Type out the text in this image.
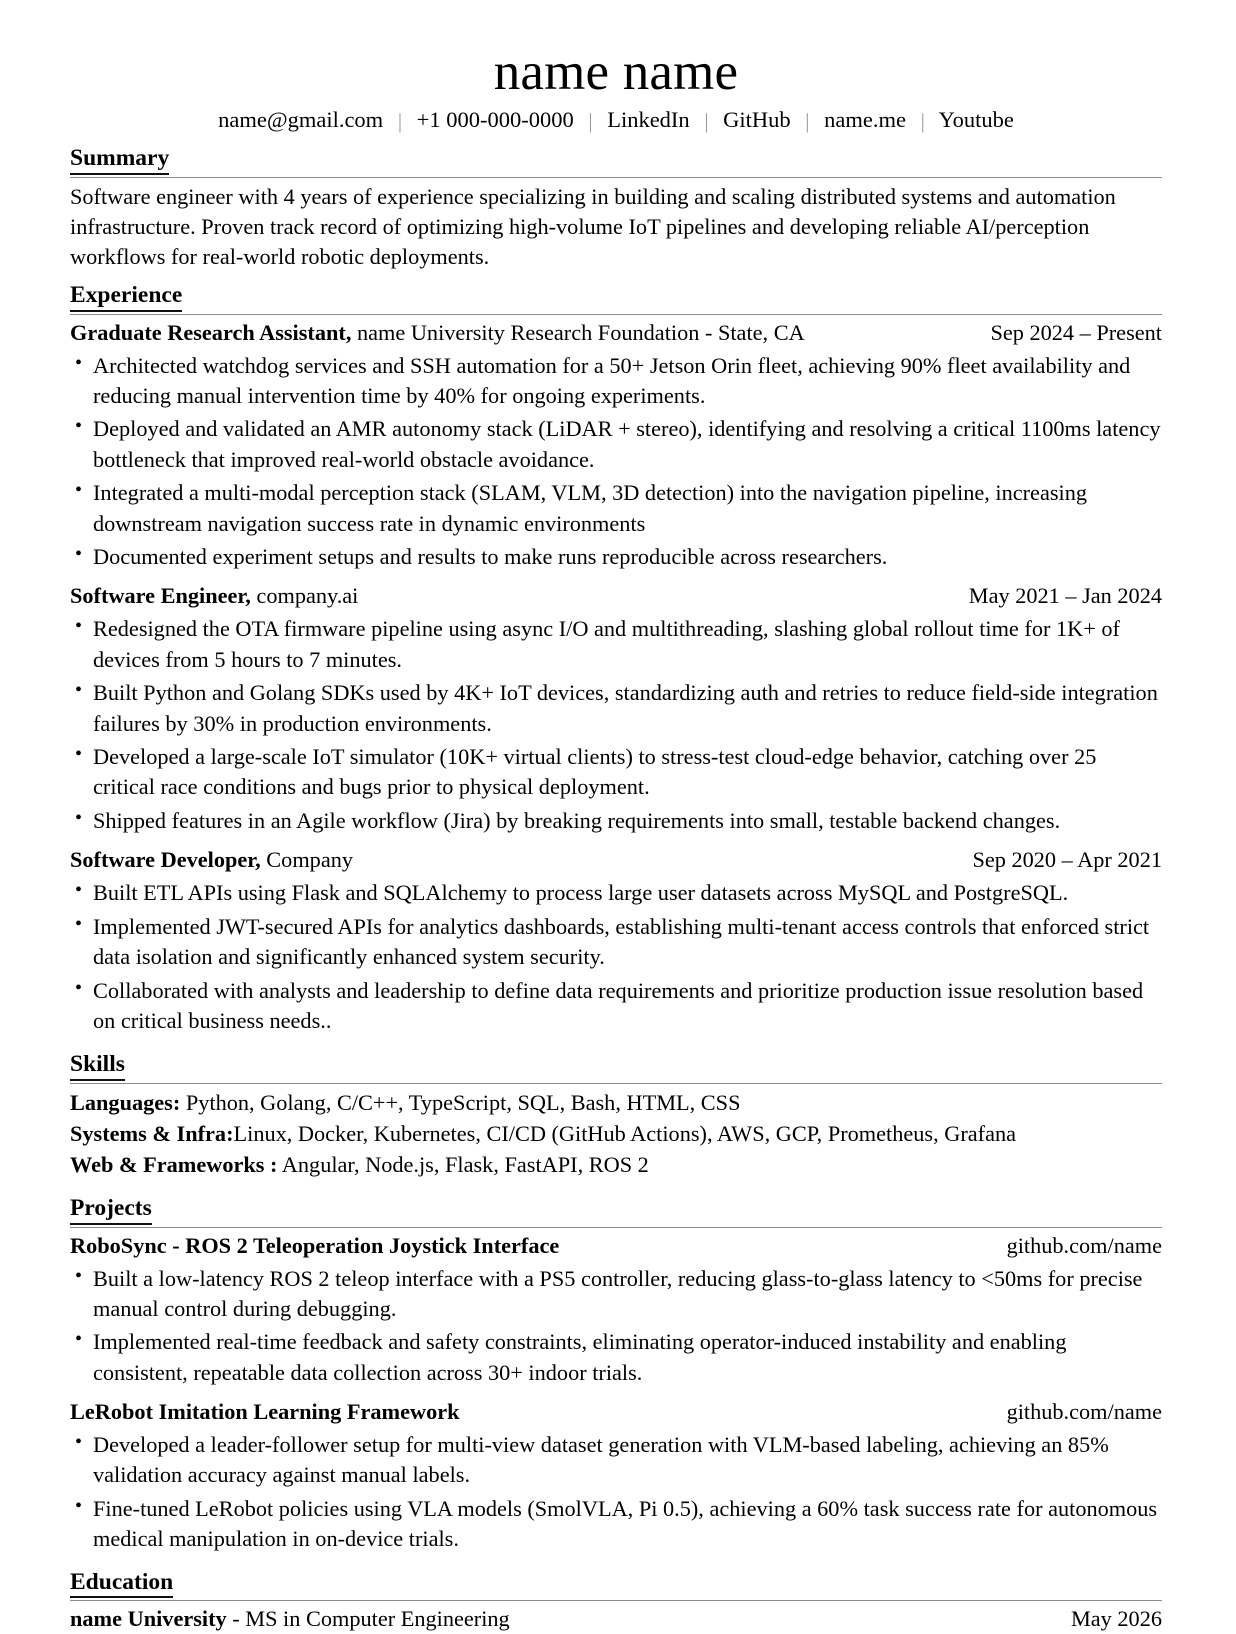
name name
name@gmail.com | +1 000-000-0000 | LinkedIn | GitHub | name.me | Youtube
Summary

Software engineer with 4 years of experience specializing in building and scaling distributed systems and automation infrastructure. Proven track record of optimizing high-volume IoT pipelines and developing reliable AI/perception workflows for real-world robotic deployments.

Experience
Graduate Research Assistant, name University Research Foundation - State, CA	Sep 2024 – Present
• Architected watchdog services and SSH automation for a 50+ Jetson Orin fleet, achieving 90% fleet availability and reducing manual intervention time by 40% for ongoing experiments.
• Deployed and validated an AMR autonomy stack (LiDAR + stereo), identifying and resolving a critical 1100ms latency bottleneck that improved real-world obstacle avoidance.
• Integrated a multi-modal perception stack (SLAM, VLM, 3D detection) into the navigation pipeline, increasing downstream navigation success rate in dynamic environments
• Documented experiment setups and results to make runs reproducible across researchers.
Software Engineer, company.ai	May 2021 – Jan 2024
• Redesigned the OTA firmware pipeline using async I/O and multithreading, slashing global rollout time for 1K+ of devices from 5 hours to 7 minutes.
• Built Python and Golang SDKs used by 4K+ IoT devices, standardizing auth and retries to reduce field-side integration failures by 30% in production environments.
• Developed a large-scale IoT simulator (10K+ virtual clients) to stress-test cloud-edge behavior, catching over 25 critical race conditions and bugs prior to physical deployment.
• Shipped features in an Agile workflow (Jira) by breaking requirements into small, testable backend changes.
Software Developer, Company	Sep 2020 – Apr 2021
• Built ETL APIs using Flask and SQLAlchemy to process large user datasets across MySQL and PostgreSQL.
• Implemented JWT-secured APIs for analytics dashboards, establishing multi-tenant access controls that enforced strict data isolation and significantly enhanced system security.
• Collaborated with analysts and leadership to define data requirements and prioritize production issue resolution based on critical business needs..
Skills

Languages: Python, Golang, C/C++, TypeScript, SQL, Bash, HTML, CSS

Systems & Infra:Linux, Docker, Kubernetes, CI/CD (GitHub Actions), AWS, GCP, Prometheus, Grafana

Web & Frameworks : Angular, Node.js, Flask, FastAPI, ROS 2

Projects
RoboSync - ROS 2 Teleoperation Joystick Interface	github.com/name
• Built a low-latency ROS 2 teleop interface with a PS5 controller, reducing glass-to-glass latency to <50ms for precise manual control during debugging.
• Implemented real-time feedback and safety constraints, eliminating operator-induced instability and enabling consistent, repeatable data collection across 30+ indoor trials.
LeRobot Imitation Learning Framework	github.com/name
• Developed a leader-follower setup for multi-view dataset generation with VLM-based labeling, achieving an 85% validation accuracy against manual labels.
• Fine-tuned LeRobot policies using VLA models (SmolVLA, Pi 0.5), achieving a 60% task success rate for autonomous medical manipulation in on-device trials.
Education
name University - MS in Computer Engineering	May 2026
